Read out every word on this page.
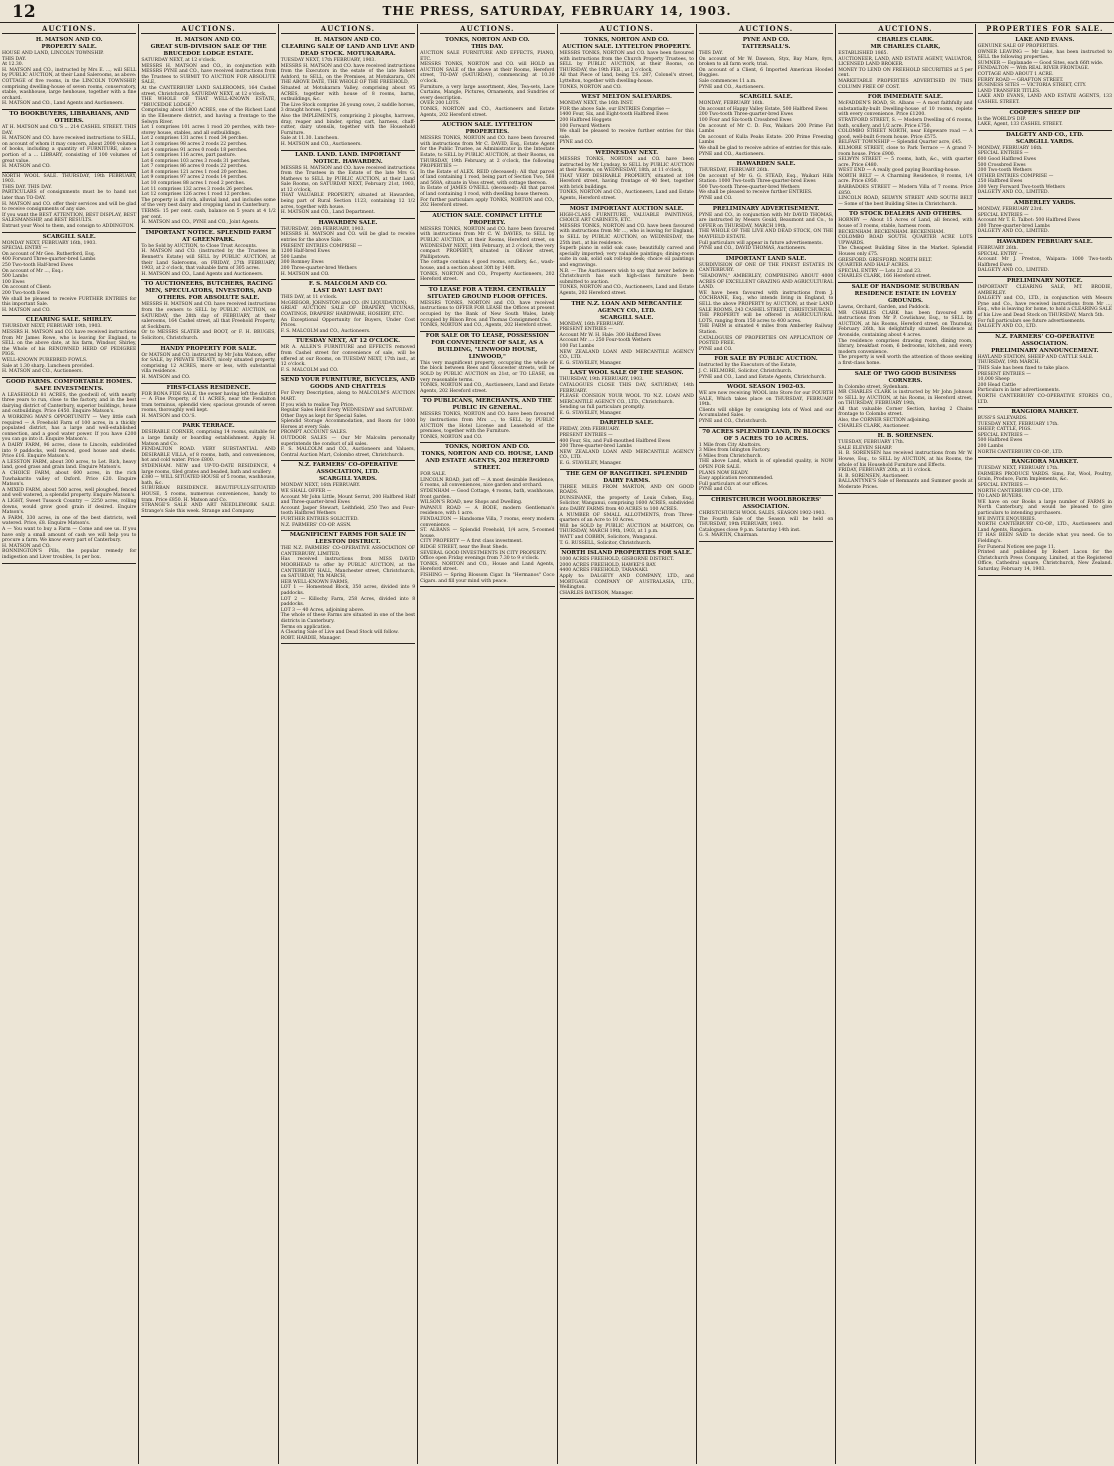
12	THE PRESS, SATURDAY, FEBRUARY 14, 1903.
AUCTIONS.
H. MATSON AND CO.
PROPERTY SALE.
HOUSE AND LAND, LINCOLN TOWNSHIP.
THIS DAY.
At 12.30.
H. MATSON and CO., instructed by Mrs E. ..., will SELL by PUBLIC AUCTION, at their Land Salerooms, as above: COTTAGE of five rooms, in the LINCOLN TOWNSHIP, comprising dwelling-house of seven rooms, conservatory, stable, washhouse, large henhouse, together with a fine orchard.
H. MATSON and CO., Land Agents and Auctioneers.
TO BOOKBUYERS, LIBRARIANS, AND OTHERS.
AT H. MATSON and CO.'S ... 214 CASHEL STREET. THIS DAY.
H. MATSON and CO. have received instructions to SELL, on account of whom it may concern, about 2000 volumes of books, including a quantity of FURNITURE, also a portion of a ... LIBRARY, consisting of 100 volumes of great value.
H. MATSON and CO.
NORTH WOOL SALE. THURSDAY, 19th FEBRUARY, 1903.
THIS DAY. THIS DAY.
PARTICULARS of consignments must be to hand not later than TO-DAY.
H. MATSON and CO. offer their services and will be glad to receive consignments of any size.
If you want the BEST ATTENTION, BEST DISPLAY, BEST SALESMANSHIP, and BEST RESULTS.
Entrust your Wool to them, and consign to ADDINGTON.
SCARGILL SALE.
MONDAY NEXT, FEBRUARY 16th, 1903.
SPECIAL ENTRY —
On account of Mr Geo. Rutherford, Esq.
400 Forward Three-quarter-bred Lambs
250 Two-tooth Half-bred Ewes
On account of Mr ..., Esq.:
500 Lambs
100 Ewes
On account of Client:
200 Two-tooth Ewes
We shall be pleased to receive FURTHER ENTRIES for this important Sale.
H. MATSON and CO.
CLEARING SALE. SHIRLEY.
THURSDAY NEXT, FEBRUARY 19th, 1903.
MESSRS H. MATSON and CO. have received instructions from Mr James Rowe, who is leaving for England, to SELL on the above date, at his farm, Windsor, Shirley, the Whole of his RENOWNED HERD OF PEDIGREE PIGS.
WELL-KNOWN PUREBRED FOWLS.
Sale at 1.30 sharp. Luncheon provided.
H. MATSON and CO., Auctioneers.
GOOD FARMS. COMFORTABLE HOMES. SAFE INVESTMENTS.
A LEASEHOLD 81 ACRES, the goodwill of, with nearly three years to run, close to the factory, and in the best dairying district of Canterbury, superior buildings, house and outbuildings. Price £450. Enquire Matson's.
A WORKING MAN'S OPPORTUNITY — Very little cash required — A Freehold Farm of 100 acres, in a thickly populated district, has a large and well-established connection, and a good water power. If you have £200 you can go into it. Enquire Matson's.
A DAIRY FARM, 96 acres, close to Lincoln, subdivided into 9 paddocks, well fenced, good house and sheds. Price £16. Enquire Matson's.
A LESSTON FARM, about 300 acres, to Let. Rich, heavy land, good grass and grain land. Enquire Matson's.
A CHOICE FARM, about 600 acres, in the rich Tuwhakarito valley of Oxford. Price £20. Enquire Matson's.
A MIXED FARM, about 500 acres, well ploughed, fenced and well watered, a splendid property. Enquire Matson's.
A LIGHT, Sweet Tussock Country — 2250 acres, rolling downs, would grow good grain if desired. Enquire Matson's.
A FARM, 330 acres, in one of the best districts, well watered. Price, £8. Enquire Matson's.
A — You want to buy a Farm — Come and see us. If you have only a small amount of cash we will help you to procure a farm. We know every part of Canterbury.
H. MATSON and CO.
BONNINGTON'S Pills, the popular remedy for indigestion and Liver troubles, 1s per box.
AUCTIONS.
H. MATSON AND CO.
GREAT SUB-DIVISION SALE OF THE BRUCEDOE LODGE ESTATE.
SATURDAY NEXT, at 12 o'clock.
MESSRS H. MATSON and CO., in conjunction with MESSRS PYNE and CO., have received instructions from the Trustees to SUBMIT TO AUCTION FOR ABSOLUTE SALE,
At the CANTERBURY LAND SALEROOMS, 164 Cashel street, Christchurch, SATURDAY NEXT, at 12 o'clock,
THE WHOLE OF THAT WELL-KNOWN ESTATE, "BRUCEDOE LODGE,"
Comprising about 1800 ACRES, one of the Richest Land in the Ellesmere district, and having a frontage to the Selwyn River.
Lot 1 comprises 101 acres 1 rood 20 perches, with two-storey house, stables, and all outbuildings.
Lot 2 comprises 131 acres 1 rood 34 perches.
Lot 3 comprises 98 acres 2 roods 22 perches.
Lot 4 comprises 91 acres 0 roods 18 perches.
Lot 5 comprises 116 acres, part pasture.
Lot 6 comprises 103 acres 3 roods 31 perches.
Lot 7 comprises 86 acres 0 roods 22 perches.
Lot 8 comprises 121 acres 1 rood 20 perches.
Lot 9 comprises 97 acres 2 roods 14 perches.
Lot 10 comprises 88 acres 1 rood 2 perches.
Lot 11 comprises 132 acres 3 roods 26 perches.
Lot 12 comprises 126 acres 1 rood 12 perches.
The property is all rich, alluvial land, and includes some of the very best dairy and cropping land in Canterbury.
TERMS: 15 per cent. cash, balance on 5 years at 4 1/2 per cent.
H. MATSON and CO., PYNE and CO., Joint Agents.
IMPORTANT NOTICE. SPLENDID FARM AT GREENPARK.
To be Sold by AUCTION, to Close Trust Accounts.
H. MATSON and CO. (instructed by the Trustees in Bennett's Estate) will SELL by PUBLIC AUCTION, at their Land Salerooms, on FRIDAY, 27th FEBRUARY, 1903, at 2 o'clock, that valuable farm of 305 acres.
H. MATSON and CO., Land Agents and Auctioneers.
TO AUCTIONEERS, BUTCHERS, RACING MEN, SPECULATORS, INVESTORS, AND OTHERS. FOR ABSOLUTE SALE.
MESSRS H. MATSON and CO. have received instructions from the owners to SELL by PUBLIC AUCTION, on SATURDAY, the 28th day of FEBRUARY, at their salerooms, 164 Cashel street, all that Freehold Property, at Sockburn.
Or to MESSRS SLATER and BOOT, or F. H. BRUGES, Solicitors, Christchurch.
HANDY PROPERTY FOR SALE.
Or MATSON and CO. instructed by Mr John Watson, offer for SALE, by PRIVATE TREATY, nicely situated property, comprising 12 ACRES, more or less, with substantial villa residence.
H. MATSON and CO.
FIRST-CLASS RESIDENCE.
FOR BONA FIDE SALE, the owner having left the district — A Fine Property, of 11 ACRES, near the Fendalton tram terminus, splendid view, spacious grounds of seven rooms, thoroughly well kept.
H. MATSON and CO.'S.
PARK TERRACE.
DESIRABLE CORNER, comprising 14 rooms, suitable for a large family or boarding establishment. Apply H. Matson and Co.
FENDALTON ROAD. VERY SUBSTANTIAL AND DESIRABLE VILLA, of 8 rooms, bath, and conveniences, hot and cold water. Price £800.
SYDENHAM. NEW and UP-TO-DATE RESIDENCE, 4 large rooms, tiled grates and beaded, bath and scullery.
£380 — WILL SITUATED HOUSE of 5 rooms, washhouse, bath, &c.
SUBURBAN RESIDENCE. BEAUTIFULLY-SITUATED HOUSE, 5 rooms, numerous conveniences, handy to tram. Price £850. H. Matson and Co.
STRANGE'S SALE AND ART NEEDLEWORK SALE. Strange's Sale this week. Strange and Company.
AUCTIONS.
H. MATSON AND CO.
CLEARING SALE OF LAND AND LIVE AND DEAD STOCK. MOTUKARARA.
TUESDAY NEXT, 17th FEBRUARY, 1903.
MESSRS H. MATSON and CO. have received instructions from the Executors in the estate of the late Robert Ashford, to SELL, on the Premises, at Motukarara, ON THE ABOVE DATE, THE WHOLE OF THE FREEHOLD,
Situated at Motukarara Valley, comprising about 95 ACRES, together with house of 8 rooms, barns, outbuildings, &c.
The Live Stock comprise 26 young cows, 2 saddle horses, 3 draught horses, 1 pony.
Also the IMPLEMENTS, comprising 2 ploughs, harrows, dray, reaper and binder, spring cart, harness, chaff-cutter, dairy utensils, together with the Household Furniture.
Sale at 11.30. Luncheon.
H. MATSON and CO., Auctioneers.
LAND. LAND. LAND. IMPORTANT NOTICE. HAWARDEN.
MESSRS H. MATSON and CO. have received instructions from the Trustees in the Estate of the late Mrs G. Mathews to SELL by PUBLIC AUCTION, at their Land Sale Rooms, on SATURDAY NEXT, February 21st, 1903, at 12 o'clock,
THAT VALUABLE PROPERTY, situated at Hawarden, being part of Rural Section 1123, containing 12 1/2 acres, together with house.
H. MATSON and CO., Land Department.
HAWARDEN SALE.
THURSDAY, 26th FEBRUARY, 1903.
MESSRS H. MATSON and CO. will be glad to receive entries for the above Sale.
PRESENT ENTRIES COMPRISE —
1200 Half-bred Ewes
500 Lambs
300 Romney Ewes
200 Three-quarter-bred Wethers
H. MATSON and CO.
F. S. MALCOLM AND CO.
LAST DAY! LAST DAY!
THIS DAY, at 11 o'clock.
McGREGOR, JOHNSTON and CO. (IN LIQUIDATION).
GREAT AUCTION SALE OF DRAPERY, VICUNAS, COATINGS, DRAPERS' HARDWARE, HOSIERY, ETC.
An Exceptional Opportunity for Buyers, Under Cost Prices.
F. S. MALCOLM and CO., Auctioneers.
TUESDAY NEXT, AT 12 O'CLOCK.
MR A. ALLEN'S FURNITURE and EFFECTS removed from Cashel street for convenience of sale, will be offered at our Rooms, on TUESDAY NEXT, 17th inst., at 12 o'clock.
F. S. MALCOLM and CO.
SEND YOUR FURNITURE, BICYCLES, AND GOODS AND CHATTELS
For Every Description, along to MALCOLM'S AUCTION MART.
If you wish to realise Top Price.
Regular Sales Held Every WEDNESDAY and SATURDAY.
Other Days as kept for Special Sales.
Splendid Storage Accommodation, and Room for 1000 Horses at every Sale.
PROMPT ACCOUNT SALES.
OUTDOOR SALES — Our Mr Malcolm personally superintends the conduct of all sales.
F. S. MALCOLM and CO., Auctioneers and Valuers, Central Auction Mart, Colombo street, Christchurch.
N.Z. FARMERS' CO-OPERATIVE ASSOCIATION, LTD.
SCARGILL YARDS.
MONDAY NEXT, 16th FEBRUARY.
WE SHALL OFFER —
Account Mr John Little, Mount Serrat, 200 Halfbred Half and Three-quarter-bred Ewes
Account Jasper Stewart, Leithfield, 250 Two and Four-tooth Halfbred Wethers
FURTHER ENTRIES SOLICITED.
N.Z. FARMERS' CO-OP. ASSN.
MAGNIFICENT FARMS FOR SALE IN LEESTON DISTRICT.
THE N.Z. FARMERS' CO-OPERATIVE ASSOCIATION OF CANTERBURY, LIMITED,
Has received instructions from MISS DAVID MOORHEAD to offer by PUBLIC AUCTION, at the CANTERBURY HALL, Manchester street, Christchurch, on SATURDAY, 7th MARCH,
HER WELL-KNOWN FARMS,
LOT 1 — Homestead Block, 350 acres, divided into 9 paddocks.
LOT 2 — Killochy Farm, 258 Acres, divided into 8 paddocks.
LOT 3 — 40 Acres, adjoining above.
The whole of these Farms are situated in one of the best districts in Canterbury.
Terms on application.
A Clearing Sale of Live and Dead Stock will follow.
ROBT. HARDIE, Manager.
AUCTIONS.
TONKS, NORTON AND CO.
THIS DAY.
AUCTION SALE FURNITURE AND EFFECTS, PIANO, ETC.
MESSRS TONKS, NORTON and CO. will HOLD an AUCTION SALE of the above at their Rooms, Hereford street, TO-DAY (SATURDAY), commencing at 10.30 o'clock.
Furniture, a very large assortment, Ales, Tea-sets, Lace Curtains, Mangle, Pictures, Ornaments, and Sundries of every description.
OVER 200 LOTS.
TONKS, NORTON and CO., Auctioneers and Estate Agents, 202 Hereford street.
AUCTION SALE. LYTTELTON PROPERTIES.
MESSRS TONKS, NORTON and CO. have been favoured with instructions from Mr C. DAVID, Esq., Estate Agent for the Public Trustee, as Administrator in the Intestate Estate, to SELL by PUBLIC AUCTION, at their Rooms, on THURSDAY, 19th February, at 2 o'clock, the following PROPERTIES —
In the Estate of ALEX. REID (deceased): All that parcel of land containing 1 rood, being part of Section Two, 568 and 568A, situate in Voss street, with cottage thereon.
In Estate of JAMES O'NEILL (deceased): All that parcel of land containing 1 rood, with dwelling house thereon.
For further particulars apply TONKS, NORTON and CO., 202 Hereford street.
AUCTION SALE. COMPACT LITTLE PROPERTY.
MESSRS TONKS, NORTON and CO. have been favoured with instructions from Mr C. W. DAVIES, to SELL by PUBLIC AUCTION, at their Rooms, Hereford street, on WEDNESDAY NEXT, 18th February, at 2 o'clock, the very compact PROPERTY, situated in Ollivier street, Phillipstown.
The cottage contains 4 good rooms, scullery, &c., wash-house, and a section about 30ft by 140ft.
TONKS, NORTON and CO., Property Auctioneers, 202 Hereford street.
TO LEASE FOR A TERM. CENTRALLY SITUATED GROUND FLOOR OFFICES.
MESSRS TONKS, NORTON and CO. have received instructions to OFFER FOR LEASE the Offices at present occupied by the Bank of New South Wales, lately occupied by Bilson Bros. and Thomas Consignment Co.
TONKS, NORTON and CO., Agents, 202 Hereford street.
FOR SALE OR TO LEASE, POSSESSION FOR CONVENIENCE OF SALE, AS A BUILDING, "LINWOOD HOUSE, LINWOOD,"
This very magnificent property, occupying the whole of the block between Rees and Gloucester streets, will be SOLD by PUBLIC AUCTION on 21st, or TO LEASE, on very reasonable terms.
TONKS, NORTON and CO., Auctioneers, Land and Estate Agents, 202 Hereford street.
TO PUBLICANS, MERCHANTS, AND THE PUBLIC IN GENERAL.
MESSRS TONKS, NORTON and CO. have been favoured by instructions from Mrs ..., to SELL by PUBLIC AUCTION the Hotel License and Leasehold of the premises, together with the Furniture.
TONKS, NORTON and CO.
TONKS, NORTON AND CO.
TONKS, NORTON AND CO. HOUSE, LAND AND ESTATE AGENTS, 202 HEREFORD STREET.
FOR SALE.
LINCOLN ROAD, just off — A most desirable Residence, 6 rooms, all conveniences, nice garden and orchard.
SYDENHAM — Good Cottage, 4 rooms, bath, washhouse, front garden.
WILSON'S ROAD, new Shops and Dwelling.
PAPANUI ROAD — A BODE, modern Gentleman's residence, with 1 acre.
FENDALTON — Handsome Villa, 7 rooms, every modern convenience.
ST. ALBANS — Splendid Freehold, 1/4 acre, 5-roomed house.
CITY PROPERTY — A first class investment.
RIDGE STREET, near the Boat Sheds.
SEVERAL GOOD INVESTMENTS IN CITY PROPERTY.
Office open Friday evenings from 7.30 to 9 o'clock.
TONKS, NORTON and CO., House and Land Agents, Hereford street.
FISHING — Spring Blossom Cigar. In "Hermanos" Coco Cigars. and fill your mind with peace.
AUCTIONS.
TONKS, NORTON AND CO.
AUCTION SALE. LYTTELTON PROPERTY.
MESSRS TONKS, NORTON and CO. have been favoured with instructions from the Church Property Trustees, to SELL by PUBLIC AUCTION, at their Rooms, on THURSDAY, the 19th FEB., at 2 o'clock,
All that Piece of land, being T.S. 287, Colonel's street, Lyttelton, together with dwelling-house.
TONKS, NORTON and CO.
WEST MELTON SALEYARDS.
MONDAY NEXT, the 16th INST.
FOR the above Sale, our ENTRIES Comprise —
1400 Four, Six, and Eight-tooth Halfbred Ewes
200 Halfbred Hoggets
100 Forward Wethers
We shall be pleased to receive further entries for this sale.
PYNE and CO.
WEDNESDAY NEXT.
MESSRS TONKS, NORTON and CO. have been instructed by Mr Lyndsay, to SELL by PUBLIC AUCTION at their Rooms, on WEDNESDAY, 18th, at 11 o'clock,
THAT VERY DESIRABLE PROPERTY, situated at 184 Hereford street, having frontage of 40 feet, together with brick buildings.
TONKS, NORTON and CO., Auctioneers, Land and Estate Agents, Hereford street.
MOST IMPORTANT AUCTION SALE.
HIGH-CLASS FURNITURE, VALUABLE PAINTINGS, CHOICE ART CABINETS, ETC.
MESSRS TONKS, NORTON and CO. have been favoured with instructions from Mr ..., who is leaving for England, to SELL by PUBLIC AUCTION, on WEDNESDAY, the 25th inst., at his residence.
Superb piano in solid oak case; beautifully carved and specially imported; very valuable paintings; dining-room suite in oak, solid oak roll-top desk; choice oil paintings and engravings.
N.B. — The Auctioneers wish to say that never before in Christchurch has such high-class furniture been submitted to auction.
TONKS, NORTON and CO., Auctioneers, Land and Estate Agents, 202 Hereford street.
THE N.Z. LOAN AND MERCANTILE AGENCY CO., LTD.
SCARGILL SALE.
MONDAY, 16th FEBRUARY.
PRESENT ENTRIES —
Account Mr W. H. Hale: 300 Halfbred Ewes
Account Mr ...: 250 Four-tooth Wethers
100 Fat Lambs
NEW ZEALAND LOAN AND MERCANTILE AGENCY CO., LTD.
E. G. STAVELEY, Manager.
LAST WOOL SALE OF THE SEASON.
THURSDAY, 19th FEBRUARY, 1903.
CATALOGUES CLOSE THIS DAY, SATURDAY, 14th FEBRUARY.
PLEASE CONSIGN YOUR WOOL TO N.Z. LOAN AND MERCANTILE AGENCY CO., LTD., Christchurch.
Sending us full particulars promptly.
E. G. STAVELEY, Manager.
DARFIELD SALE.
FRIDAY, 20th FEBRUARY.
PRESENT ENTRIES —
400 Four, Six, and Full-mouthed Halfbred Ewes
200 Three-quarter-bred Lambs
NEW ZEALAND LOAN AND MERCANTILE AGENCY CO., LTD.
E. G. STAVELEY, Manager.
THE GEM OF RANGITIKEI. SPLENDID DAIRY FARMS.
THREE MILES FROM MARTON, AND ON GOOD ROADS.
DUNSINANE, the property of Louis Cohen, Esq., Solicitor, Wanganui, comprising 1600 ACRES, subdivided into DAIRY FARMS from 40 ACRES to 100 ACRES.
A NUMBER OF SMALL ALLOTMENTS, from Three-quarters of an Acre to 10 Acres.
Will be SOLD by PUBLIC AUCTION at MARTON, On THURSDAY, MARCH 19th, 1903, at 1 p.m.
WATT and COBBIN, Solicitors, Wanganui.
T. G. RUSSELL, Solicitor, Christchurch.
NORTH ISLAND PROPERTIES FOR SALE.
1000 ACRES FREEHOLD, GISBORNE DISTRICT.
2000 ACRES FREEHOLD, HAWKE'S BAY.
4400 ACRES FREEHOLD, TARANAKI.
Apply to: DALGETY AND COMPANY, LTD., and MORTGAGE COMPANY OF AUSTRALASIA, LTD., Wellington.
CHARLES BATESON, Manager.
AUCTIONS.
PYNE AND CO.
TATTERSALL'S.
THIS DAY.
On account of Mr W. Dawson, Styx, Bay Mare, 8yrs, broken to all farm work; trial.
On account of a Client, 6 Imported American Hooded Buggies.
Sale commences 11 a.m.
PYNE and CO., Auctioneers.
SCARGILL SALE.
MONDAY, FEBRUARY 16th.
On account of Happy Valley Estate, 500 Halfbred Ewes
200 Two-tooth Three-quarter-bred Ewes
100 Four and Six-tooth Crossbred Ewes
On account of Mr C. D. Fox, Waikari: 200 Prime Fat Lambs
On account of Kulla Peaks Estate: 200 Prime Freezing Lambs
We shall be glad to receive advice of entries for this sale.
PYNE and CO., Auctioneers.
HAWARDEN SALE.
THURSDAY, FEBRUARY 26th.
On account of Mr G. G. STEAD, Esq., Waikari Hills Station: 1000 Two-tooth Three-quarter-bred Ewes
500 Two-tooth Three-quarter-bred Wethers
We shall be pleased to receive further ENTRIES.
PYNE and CO.
PRELIMINARY ADVERTISEMENT.
PYNE and CO., in conjunction with Mr DAVID THOMAS, are instructed by Messrs Gould, Beaumont and Co., to OFFER on THURSDAY, MARCH 19th,
THE WHOLE OF THE LIVE AND DEAD STOCK, ON THE MAYFIELD ESTATE.
Full particulars will appear in future advertisements.
PYNE and CO., DAVID THOMAS, Auctioneers.
IMPORTANT LAND SALE.
SUBDIVISION OF ONE OF THE FINEST ESTATES IN CANTERBURY.
"SEADOWN," AMBERLEY, COMPRISING ABOUT 4000 ACRES OF EXCELLENT GRAZING AND AGRICULTURAL LAND.
WE have been favoured with instructions from J. COCHRANE, Esq., who intends living in England, to SELL the above PROPERTY by AUCTION, at their LAND SALE ROOMS, 243 CASHEL STREET, CHRISTCHURCH.
THE PROPERTY will be offered in AGRICULTURAL LOTS, ranging from 150 acres to 400 acres.
THE FARM is situated 4 miles from Amberley Railway Station.
CATALOGUES OF PROPERTIES ON APPLICATION OF POSTED FREE.
PYNE and CO.
FOR SALE BY PUBLIC AUCTION.
Instructed by the Executors of the Estate,
J. C. HELMORE, Solicitor, Christchurch.
PYNE and CO., Land and Estate Agents, Christchurch.
WOOL SEASON 1902-03.
WE are now receiving WOOL into Store for our FOURTH SALE, Which takes place on THURSDAY, FEBRUARY 19th.
Clients will oblige by consigning lots of Wool and our Accumulated Sales.
PYNE and CO., Christchurch.
70 ACRES SPLENDID LAND, IN BLOCKS OF 5 ACRES TO 10 ACRES.
1 Mile from City Abattoirs.
3 Miles from Islington Factory.
6 Miles from Christchurch.
THE above Land, which is of splendid quality, is NOW OPEN FOR SALE.
PLANS NOW READY.
Easy application recommended.
Full particulars at our offices.
PYNE and CO.
CHRISTCHURCH WOOLBROKERS' ASSOCIATION.
CHRISTCHURCH WOOL SALES, SEASON 1902-1903.
The Fourth Sale of the Season will be held on THURSDAY, 19th FEBRUARY, 1903.
Catalogues close 9 p.m. Saturday 14th inst.
G. S. MARTIN, Chairman.
AUCTIONS.
CHARLES CLARK.
MR CHARLES CLARK,
ESTABLISHED 1865.
AUCTIONEER, LAND, AND ESTATE AGENT, VALUATOR, LICENSED LAND BROKER.
MONEY TO LEND ON FREEHOLD SECURITIES at 5 per cent.
MARKETABLE PROPERTIES ADVERTISED IN THIS COLUMN FREE OF COST.
FOR IMMEDIATE SALE.
McFADDEN'S ROAD, St. Albans — A most faithfully and substantially-built Dwelling-house of 10 rooms, replete with every convenience. Price £1200.
STRATFORD STREET, S. — Modern Dwelling of 6 rooms, bath, scullery, and 1/2 acre. Price £750.
COLOMBO STREET NORTH, near Edgeware road — A good, well-built 6-room house. Price £575.
BELFAST TOWNSHIP — Splendid Quarter acre, £45.
KILMORE STREET, close to Park Terrace — A grand 7-room house. Price £900.
SELWYN STREET — 5 rooms, bath, &c., with quarter acre. Price £480.
WEST END — A really good paying Boarding-house.
NORTH BELT — A Charming Residence, 8 rooms, 1/4 acre. Price £950.
BARBADOES STREET — Modern Villa of 7 rooms. Price £850.
LINCOLN ROAD, SELWYN STREET AND SOUTH BELT — Some of the best Building Sites in Christchurch.
TO STOCK DEALERS AND OTHERS.
HORNBY — About 15 Acres of Land, all fenced, with house of 3 rooms, stable, harness room.
BECKENHAM. BECKENHAM. BECKENHAM.
COLOMBO ROAD SOUTH. QUARTER ACRE LOTS UPWARDS.
The Cheapest Building Sites in the Market. Splendid Houses only £75.
GRESFORD. GRESFORD. NORTH BELT.
QUARTER AND HALF ACRES.
SPECIAL ENTRY — Lots 22 and 23.
CHARLES CLARK, 166 Hereford street.
SALE OF HANDSOME SUBURBAN RESIDENCE ESTATE IN LOVELY GROUNDS.
Lawns, Orchard, Garden, and Paddock.
MR CHARLES CLARK has been favoured with instructions from Mr P. Cowlishaw, Esq., to SELL by AUCTION, at his Rooms, Hereford street, on Thursday, February 26th, his delightfully situated Residence at Avonside, containing about 4 acres.
The residence comprises drawing room, dining room, library, breakfast room, 6 bedrooms, kitchen, and every modern convenience.
The property is well worth the attention of those seeking a first-class home.
SALE OF TWO GOOD BUSINESS CORNERS.
In Colombo street, Sydenham.
MR CHARLES CLARK is instructed by Mr John Johnson to SELL by AUCTION, at his Rooms, in Hereford street, on THURSDAY, FEBRUARY 19th,
All that valuable Corner Section, having 2 Chains frontage to Colombo street.
Also, the CORNER SECTION adjoining.
CHARLES CLARK, Auctioneer.
H. B. SORENSEN.
TUESDAY, FEBRUARY 17th.
SALE ELEVEN SHARP.
H. B. SORENSEN has received instructions from Mr W. Howse, Esq., to SELL by AUCTION, at his Rooms, the whole of his Household Furniture and Effects.
FRIDAY, FEBRUARY 20th, at 11 o'clock.
H. B. SORENSEN, Auctioneer.
BALLANTYNE'S Sale of Remnants and Summer goods at Moderate Prices.
PROPERTIES FOR SALE.
LAKE AND EVANS.
GENUINE SALE OF PROPERTIES.
OWNER LEAVING — Mr Lake, has been instructed to SELL the following properties.
SUMNER — Esplanade — Good Sites, each 66ft wide.
FENDALTON — With REAL RIVER FRONTAGE.
COTTAGE AND ABOUT 1 ACRE.
FERRY ROAD — GRAFTON STREET.
BUSINESS SITES — VICTORIA STREET, CITY.
LAND TRANSFER TITLES.
LAKE AND EVANS, LAND AND ESTATE AGENTS, 133 CASHEL STREET.
COOPER'S SHEEP DIP
Is the WORLD'S DIP.
LAKE, Agent, 133 CASHEL STREET.
DALGETY AND CO., LTD.
SCARGILL YARDS.
MONDAY, FEBRUARY 16th.
SPECIAL ENTRIES —
600 Good Halfbred Ewes
500 Crossbred Ewes
200 Two-tooth Wethers
OTHER ENTRIES COMPRISE —
250 Halfbred Ewes
300 Very Forward Two-tooth Wethers
DALGETY AND CO., LIMITED.
AMBERLEY YARDS.
MONDAY, FEBRUARY 23rd.
SPECIAL ENTRIES —
Account Mr T. E. Talbot: 500 Halfbred Ewes
200 Three-quarter-bred Lambs
DALGETY AND CO., LIMITED.
HAWARDEN FEBRUARY SALE.
FEBRUARY 26th.
SPECIAL ENTRY —
Account Mr J. Preston, Waipara: 1000 Two-tooth Halfbred Ewes
DALGETY AND CO., LIMITED.
PRELIMINARY NOTICE.
IMPORTANT CLEARING SALE, MT. BRODIE, AMBERLEY.
DALGETY and CO., LTD., in conjunction with Messrs Pyne and Co., have received instructions from Mr ..., Esq., who is leaving for home, to hold a CLEARING SALE of his Live and Dead Stock on THURSDAY, March 5th.
For full particulars see future advertisements.
DALGETY AND CO., LTD.
N.Z. FARMERS' CO-OPERATIVE ASSOCIATION.
PRELIMINARY ANNOUNCEMENT.
HAYLAND STATION, SHEEP AND CATTLE SALE.
THURSDAY, 19th MARCH.
THIS Sale has been fixed to take place.
PRESENT ENTRIES —
10,000 Sheep
200 Head Cattle
Particulars in later advertisements.
NORTH CANTERBURY CO-OPERATIVE STORES CO., LTD.
RANGIORA MARKET.
BUSS'S SALEYARDS.
TUESDAY NEXT, FEBRUARY 17th.
SHEEP, CATTLE, PIGS.
SPECIAL ENTRIES —
500 Halfbred Ewes
200 Lambs
NORTH CANTERBURY CO-OP., LTD.
RANGIORA MARKET.
TUESDAY NEXT, FEBRUARY 17th.
FARMERS PRODUCE YARDS. Sims, Fat, Wool, Poultry, Grain, Produce, Farm Implements, &c.
SPECIAL ENTRIES —
NORTH CANTERBURY CO-OP., LTD.
TO LAND BUYERS.
WE have on our Books a large number of FARMS in North Canterbury, and would be pleased to give particulars to intending purchasers.
WE INVITE ENQUIRIES.
NORTH CANTERBURY CO-OP., LTD., Auctioneers and Land Agents, Rangiora.
IT HAS BEEN SAID to decide what you need. Go to Fielding's.
For Funeral Notices see page 11.
Printed and published by Robert Lacon for the Christchurch Press Company, Limited, at the Registered Office, Cathedral square, Christchurch, New Zealand. Saturday, February 14, 1903.
